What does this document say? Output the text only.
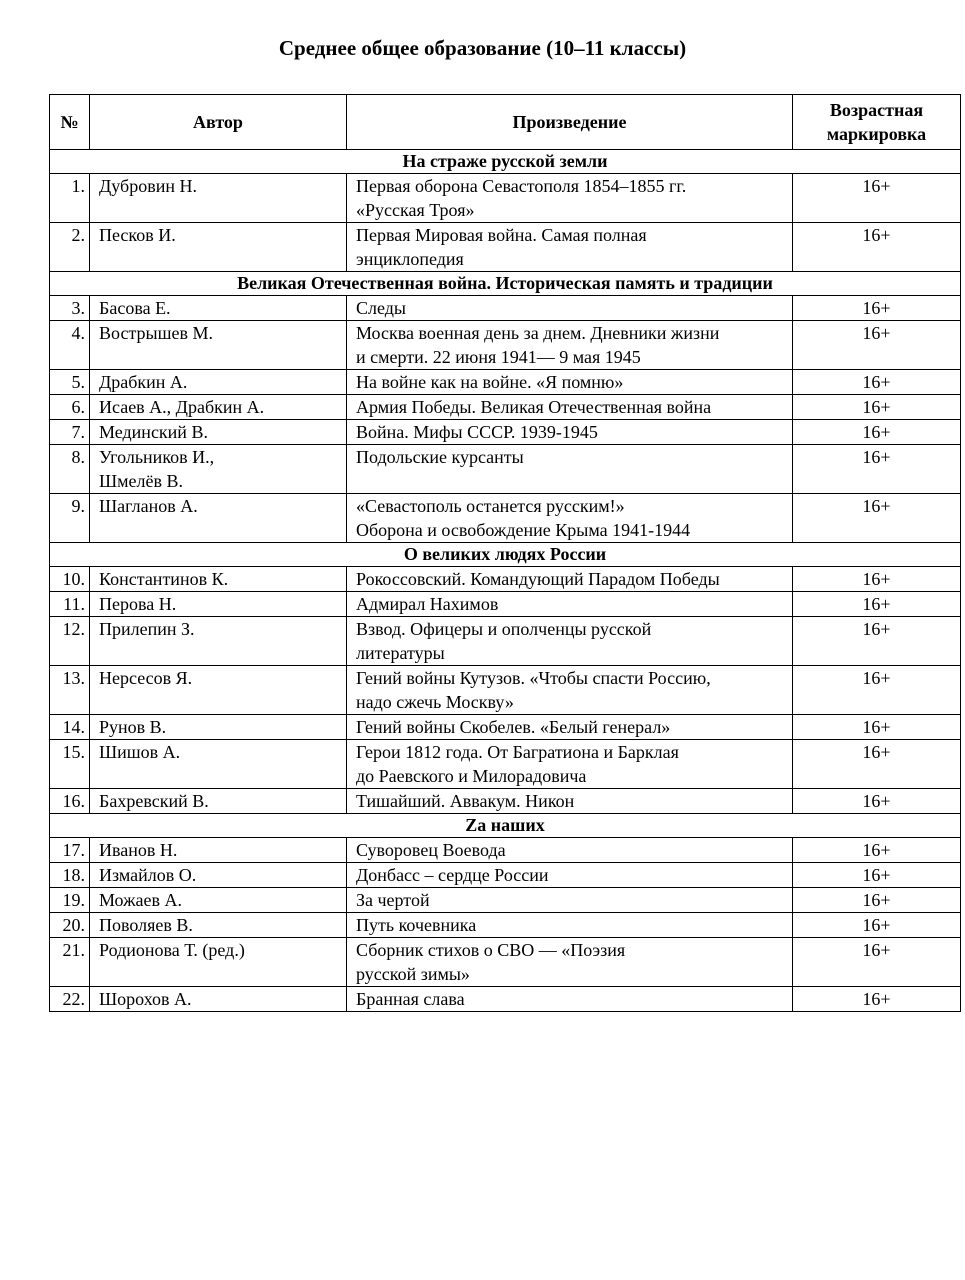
Среднее общее образование (10–11 классы)
№	Автор	Произведение	Возрастная
маркировка
На страже русской земли			
1.	Дубровин Н.	Первая оборона Севастополя 1854–1855 гг.
«Русская Троя»	16+
2.	Песков И.	Первая Мировая война. Самая полная
энциклопедия	16+
Великая Отечественная война. Историческая память и традиции			
3.	Басова Е.	Следы	16+
4.	Вострышев М.	Москва военная день за днем. Дневники жизни
и смерти. 22 июня 1941— 9 мая 1945	16+
5.	Драбкин А.	На войне как на войне. «Я помню»	16+
6.	Исаев А., Драбкин А.	Армия Победы. Великая Отечественная война	16+
7.	Мединский В.	Война. Мифы СССР. 1939-1945	16+
8.	Угольников И.,
Шмелёв В.	Подольские курсанты	16+
9.	Шагланов А.	«Севастополь останется русским!»
Оборона и освобождение Крыма 1941-1944	16+
О великих людях России			
10.	Константинов К.	Рокоссовский. Командующий Парадом Победы	16+
11.	Перова Н.	Адмирал Нахимов	16+
12.	Прилепин З.	Взвод. Офицеры и ополченцы русской
литературы	16+
13.	Нерсесов Я.	Гений войны Кутузов. «Чтобы спасти Россию,
надо сжечь Москву»	16+
14.	Рунов В.	Гений войны Скобелев. «Белый генерал»	16+
15.	Шишов А.	Герои 1812 года. От Багратиона и Барклая
до Раевского и Милорадовича	16+
16.	Бахревский В.	Тишайший. Аввакум. Никон	16+
Zа наших			
17.	Иванов Н.	Суворовец Воевода	16+
18.	Измайлов О.	Донбасс – сердце России	16+
19.	Можаев А.	За чертой	16+
20.	Поволяев В.	Путь кочевника	16+
21.	Родионова Т. (ред.)	Сборник стихов о СВО — «Поэзия
русской зимы»	16+
22.	Шорохов А.	Бранная слава	16+
